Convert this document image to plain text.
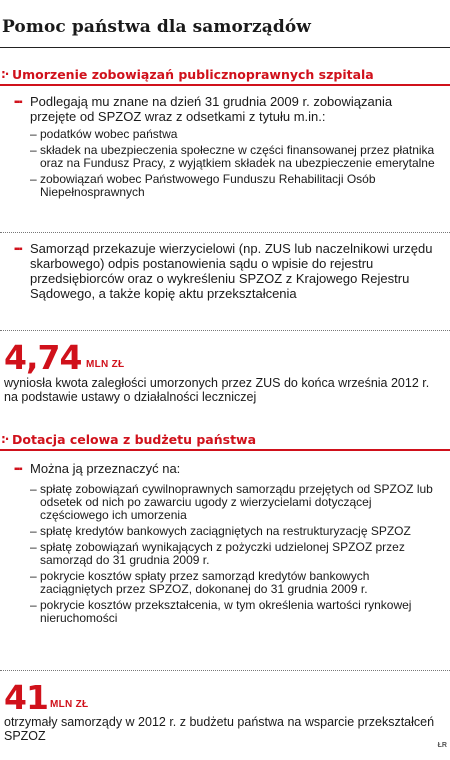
Pomoc państwa dla samorządów
:· Umorzenie zobowiązań publicznoprawnych szpitala
▪▪▪ Podlegają mu znane na dzień 31 grudnia 2009 r. zobowiązania przejęte od SPZOZ wraz z odsetkami z tytułu m.in.:
– podatków wobec państwa
– składek na ubezpieczenia społeczne w części finansowanej przez płatnika oraz na Fundusz Pracy, z wyjątkiem składek na ubezpieczenie emerytalne
– zobowiązań wobec Państwowego Funduszu Rehabilitacji Osób Niepełnosprawnych
▪▪▪ Samorząd przekazuje wierzycielowi (np. ZUS lub naczelnikowi urzędu skarbowego) odpis postanowienia sądu o wpisie do rejestru przedsiębiorców oraz o wykreśleniu SPZOZ z Krajowego Rejestru Sądowego, a także kopię aktu przekształcenia
4,74 MLN ZŁ
wyniosła kwota zaległości umorzonych przez ZUS do końca września 2012 r. na podstawie ustawy o działalności leczniczej
:· Dotacja celowa z budżetu państwa
▪▪▪ Można ją przeznaczyć na:
– spłatę zobowiązań cywilnoprawnych samorządu przejętych od SPZOZ lub odsetek od nich po zawarciu ugody z wierzycielami dotyczącej częściowego ich umorzenia
– spłatę kredytów bankowych zaciągniętych na restrukturyzację SPZOZ
– spłatę zobowiązań wynikających z pożyczki udzielonej SPZOZ przez samorząd do 31 grudnia 2009 r.
– pokrycie kosztów spłaty przez samorząd kredytów bankowych zaciągniętych przez SPZOZ, dokonanej do 31 grudnia 2009 r.
– pokrycie kosztów przekształcenia, w tym określenia wartości rynkowej nieruchomości
41 MLN ZŁ
otrzymały samorządy w 2012 r. z budżetu państwa na wsparcie przekształceń SPZOZ
ŁR
